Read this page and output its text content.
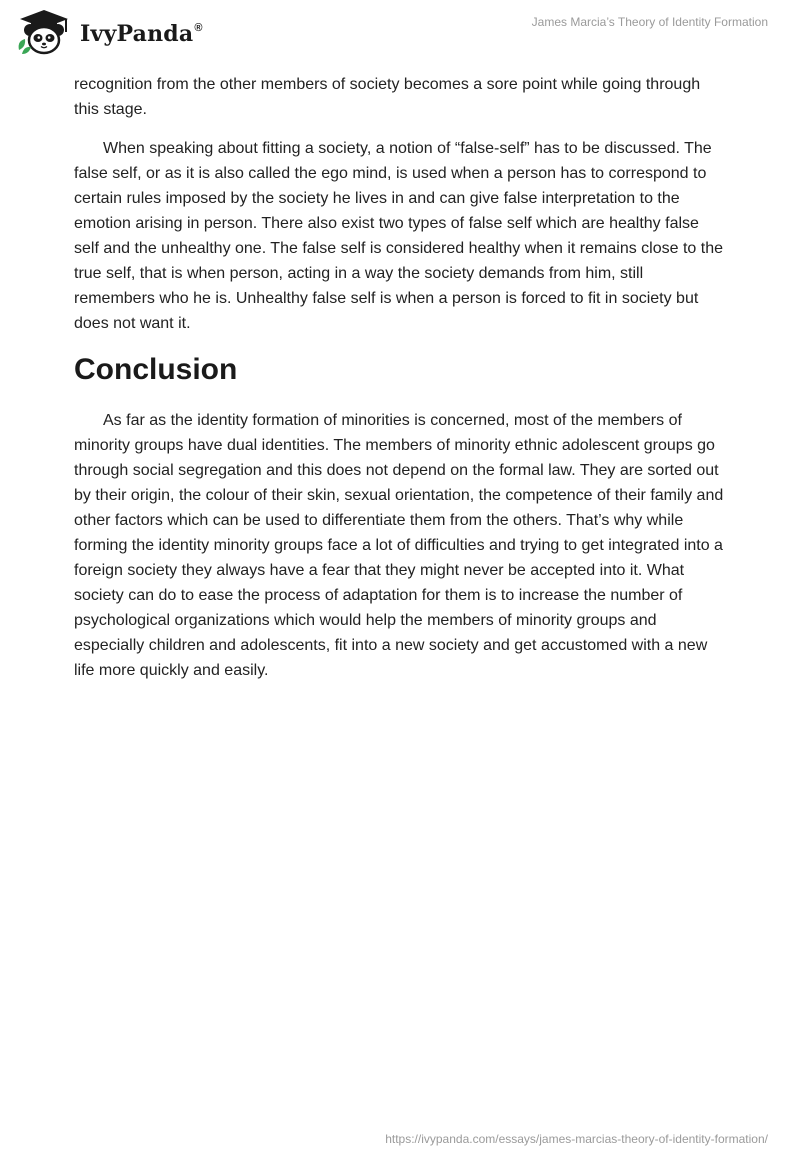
IvyPanda®	James Marcia’s Theory of Identity Formation

recognition from the other members of society becomes a sore point while going through this stage.

When speaking about fitting a society, a notion of “false-self” has to be discussed. The false self, or as it is also called the ego mind, is used when a person has to correspond to certain rules imposed by the society he lives in and can give false interpretation to the emotion arising in person. There also exist two types of false self which are healthy false self and the unhealthy one. The false self is considered healthy when it remains close to the true self, that is when person, acting in a way the society demands from him, still remembers who he is. Unhealthy false self is when a person is forced to fit in society but does not want it.

Conclusion

As far as the identity formation of minorities is concerned, most of the members of minority groups have dual identities. The members of minority ethnic adolescent groups go through social segregation and this does not depend on the formal law. They are sorted out by their origin, the colour of their skin, sexual orientation, the competence of their family and other factors which can be used to differentiate them from the others. That’s why while forming the identity minority groups face a lot of difficulties and trying to get integrated into a foreign society they always have a fear that they might never be accepted into it. What society can do to ease the process of adaptation for them is to increase the number of psychological organizations which would help the members of minority groups and especially children and adolescents, fit into a new society and get accustomed with a new life more quickly and easily.

https://ivypanda.com/essays/james-marcias-theory-of-identity-formation/
